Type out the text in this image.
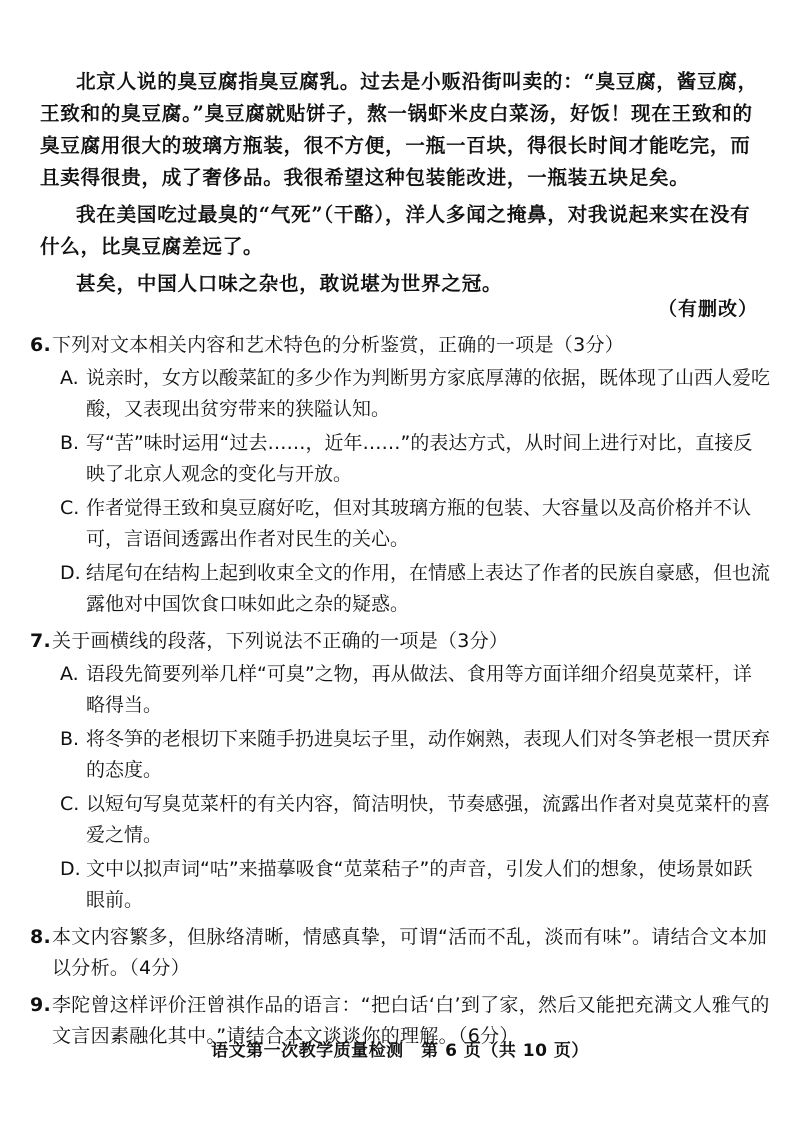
北京人说的臭豆腐指臭豆腐乳。过去是小贩沿街叫卖的：“臭豆腐，酱豆腐，王致和的臭豆腐。”臭豆腐就贴饼子，熬一锅虾米皮白菜汤，好饭！现在王致和的臭豆腐用很大的玻璃方瓶装，很不方便，一瓶一百块，得很长时间才能吃完，而且卖得很贵，成了奢侈品。我很希望这种包装能改进，一瓶装五块足矣。

我在美国吃过最臭的“气死”（干酪），洋人多闻之掩鼻，对我说起来实在没有什么，比臭豆腐差远了。

甚矣，中国人口味之杂也，敢说堪为世界之冠。

（有删改）
6. 下列对文本相关内容和艺术特色的分析鉴赏，正确的一项是（3分）
A. 说亲时，女方以酸菜缸的多少作为判断男方家底厚薄的依据，既体现了山西人爱吃酸，又表现出贫穷带来的狭隘认知。
B. 写“苦”味时运用“过去……，近年……”的表达方式，从时间上进行对比，直接反映了北京人观念的变化与开放。
C. 作者觉得王致和臭豆腐好吃，但对其玻璃方瓶的包装、大容量以及高价格并不认可，言语间透露出作者对民生的关心。
D. 结尾句在结构上起到收束全文的作用，在情感上表达了作者的民族自豪感，但也流露他对中国饮食口味如此之杂的疑惑。
7. 关于画横线的段落，下列说法不正确的一项是（3分）
A. 语段先简要列举几样“可臭”之物，再从做法、食用等方面详细介绍臭苋菜杆，详略得当。
B. 将冬笋的老根切下来随手扔进臭坛子里，动作娴熟，表现人们对冬笋老根一贯厌弃的态度。
C. 以短句写臭苋菜杆的有关内容，简洁明快，节奏感强，流露出作者对臭苋菜杆的喜爱之情。
D. 文中以拟声词“咕”来描摹吸食“苋菜秸子”的声音，引发人们的想象，使场景如跃眼前。
8. 本文内容繁多，但脉络清晰，情感真挚，可谓“活而不乱，淡而有味”。请结合文本加以分析。（4分）
9. 李陀曾这样评价汪曾祺作品的语言：“把白话‘白’到了家，然后又能把充满文人雅气的文言因素融化其中。”请结合本文谈谈你的理解。（6分）
语文第一次教学质量检测　第 6 页（共 10 页）
